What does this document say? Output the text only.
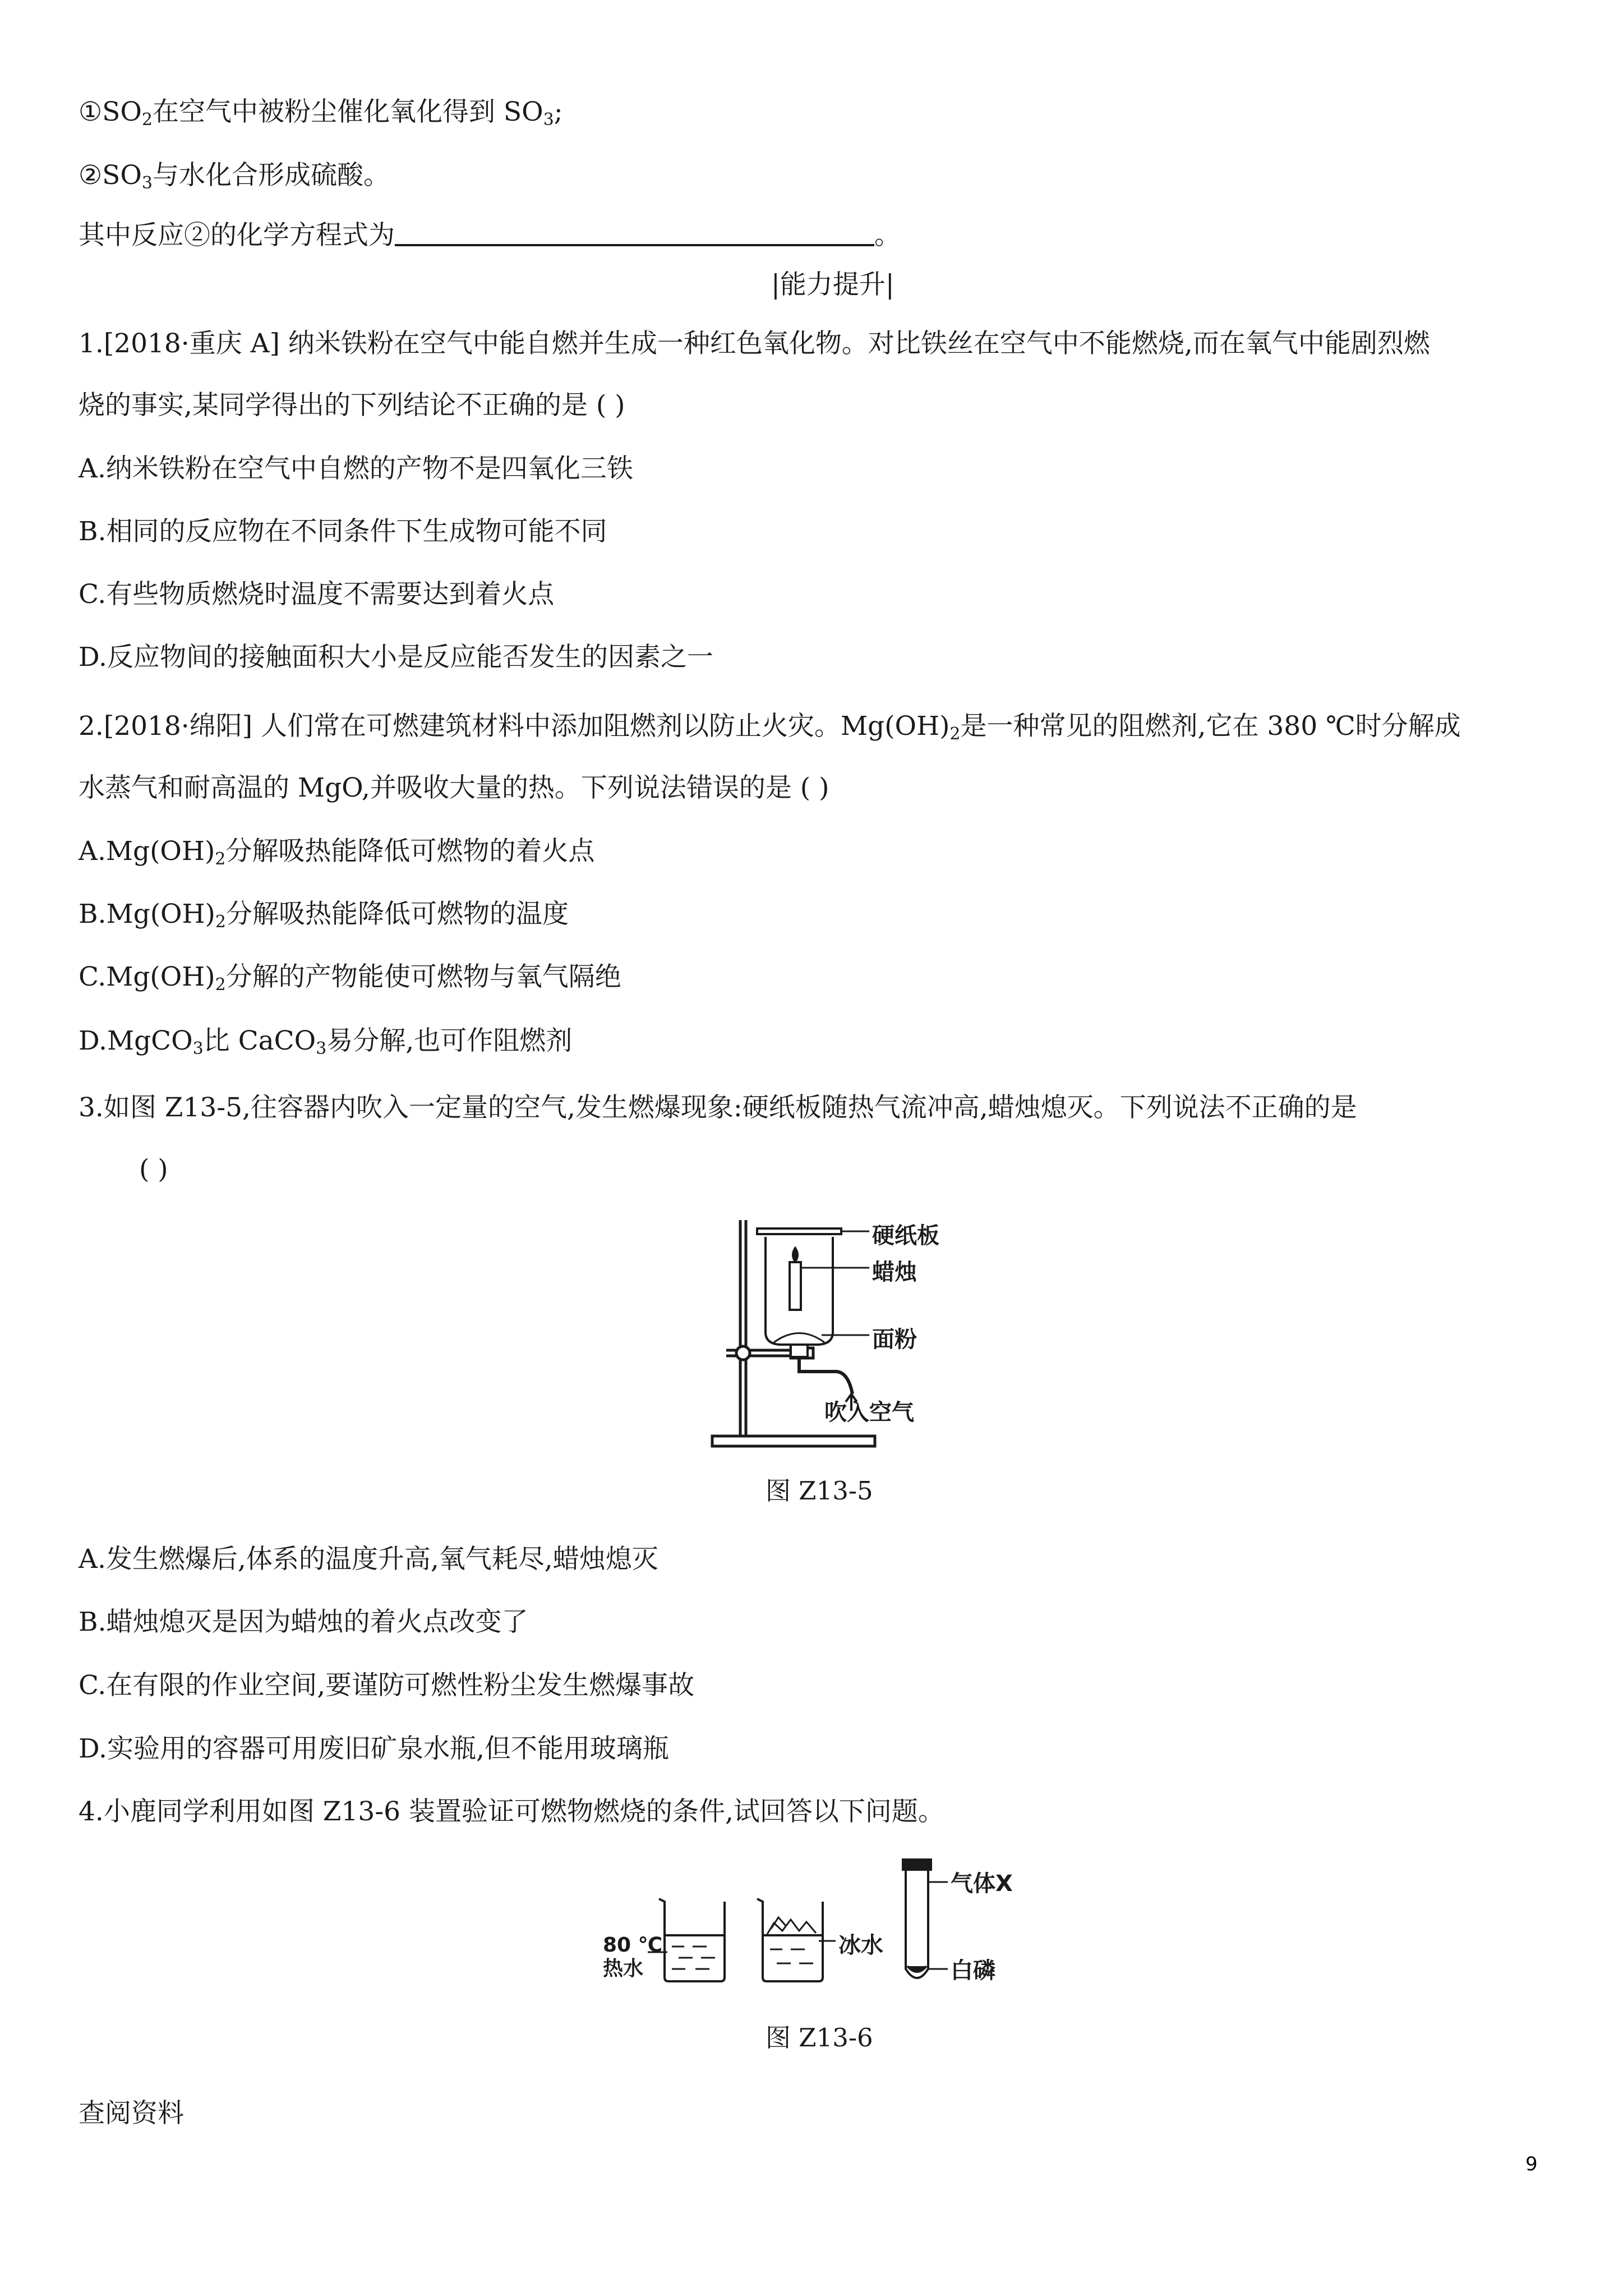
$①SO_2$在空气中被粉尘催化氧化得到 $SO_3$;
$②SO_3$与水化合形成硫酸。
其中反应②的化学方程式为	。
|能力提升|
1.[2018·重庆 A] 纳米铁粉在空气中能自燃并生成一种红色氧化物。对比铁丝在空气中不能燃烧,而在氧气中能剧烈燃
烧的事实,某同学得出的下列结论不正确的是 ( )
A.纳米铁粉在空气中自燃的产物不是四氧化三铁
B.相同的反应物在不同条件下生成物可能不同
C.有些物质燃烧时温度不需要达到着火点
D.反应物间的接触面积大小是反应能否发生的因素之一
2.[2018·绵阳] 人们常在可燃建筑材料中添加阻燃剂以防止火灾。$Mg(OH)_2$是一种常见的阻燃剂,它在 380 ℃时分解成
水蒸气和耐高温的 MgO,并吸收大量的热。下列说法错误的是 ( )
$A.Mg(OH)_2$分解吸热能降低可燃物的着火点
$B.Mg(OH)_2$分解吸热能降低可燃物的温度
$C.Mg(OH)_2$分解的产物能使可燃物与氧气隔绝
D.MgCO$_3$比 CaCO$_3$易分解,也可作阻燃剂
3.如图 Z13-5,往容器内吹入一定量的空气,发生燃爆现象:硬纸板随热气流冲高,蜡烛熄灭。下列说法不正确的是
( )
硬纸板
蜡烛
面粉
吹入空气
图 Z13-5
A.发生燃爆后,体系的温度升高,氧气耗尽,蜡烛熄灭
B.蜡烛熄灭是因为蜡烛的着火点改变了
C.在有限的作业空间,要谨防可燃性粉尘发生燃爆事故
D.实验用的容器可用废旧矿泉水瓶,但不能用玻璃瓶
4.小鹿同学利用如图 Z13-6 装置验证可燃物燃烧的条件,试回答以下问题。
80 ℃
热水
冰水
气体X
白磷
图 Z13-6
查阅资料
9
